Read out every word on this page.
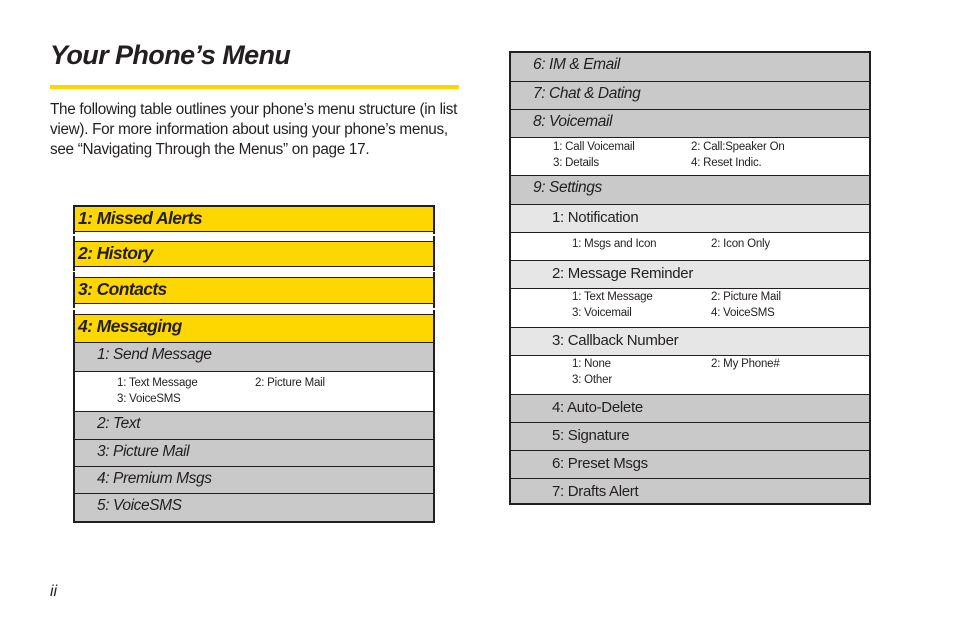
Your Phone’s Menu
The following table outlines your phone’s menu structure (in list view). For more information about using your phone’s menus, see “Navigating Through the Menus” on page 17.
1: Missed Alerts
2: History
3: Contacts
4: Messaging
1: Send Message
1: Text Message	2: Picture Mail
3: VoiceSMS
2: Text
3: Picture Mail
4: Premium Msgs
5: VoiceSMS
6: IM & Email
7: Chat & Dating
8: Voicemail
1: Call Voicemail	2: Call:Speaker On
3: Details	4: Reset Indic.
9: Settings
1: Notification
1: Msgs and Icon	2: Icon Only
2: Message Reminder
1: Text Message	2: Picture Mail
3: Voicemail	4: VoiceSMS
3: Callback Number
1: None	2: My Phone#
3: Other
4: Auto-Delete
5: Signature
6: Preset Msgs
7: Drafts Alert
ii
